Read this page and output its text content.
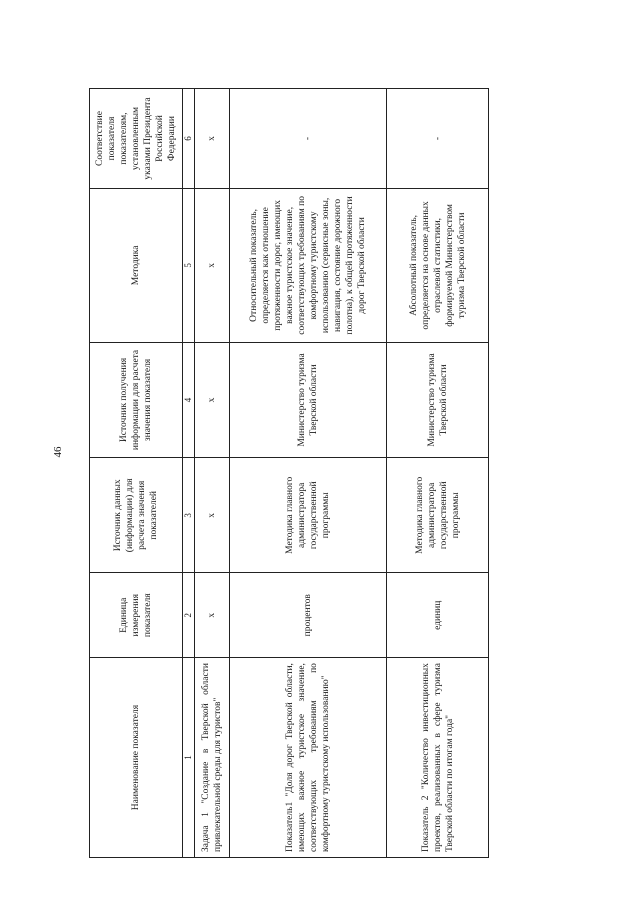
46
Наименование показателя	Единица измерения показателя	Источник данных (информации) для расчета значения показателей	Источник получения информации для расчета значения показателя	Методика	Соответствие показателя показателям, установленным указами Президента Российской Федерации
1	2	3	4	5	6
Задача 1 "Создание в Тверской области привлекательной среды для туристов"	х	х	х	х	х
Показатель1 "Доля дорог Тверской области, имеющих важное туристское значение, соответствующих требованиям по комфортному туристскому использованию"	процентов	Методика главного администратора государственной программы	Министерство туризма Тверской области	Относительный показатель, определяется как отношение протяженности дорог, имеющих важное туристское значение, соответствующих требованиям по комфортному туристскому использованию (сервисные зоны, навигация, состояние дорожного полотна), к общей протяженности дорог Тверской области	-
Показатель 2 "Количество инвестиционных проектов, реализованных в сфере туризма Тверской области по итогам года"	единиц	Методика главного администратора государственной программы	Министерство туризма Тверской области	Абсолютный показатель, определяется на основе данных отраслевой статистики, формируемой Министерством туризма Тверской области	-
